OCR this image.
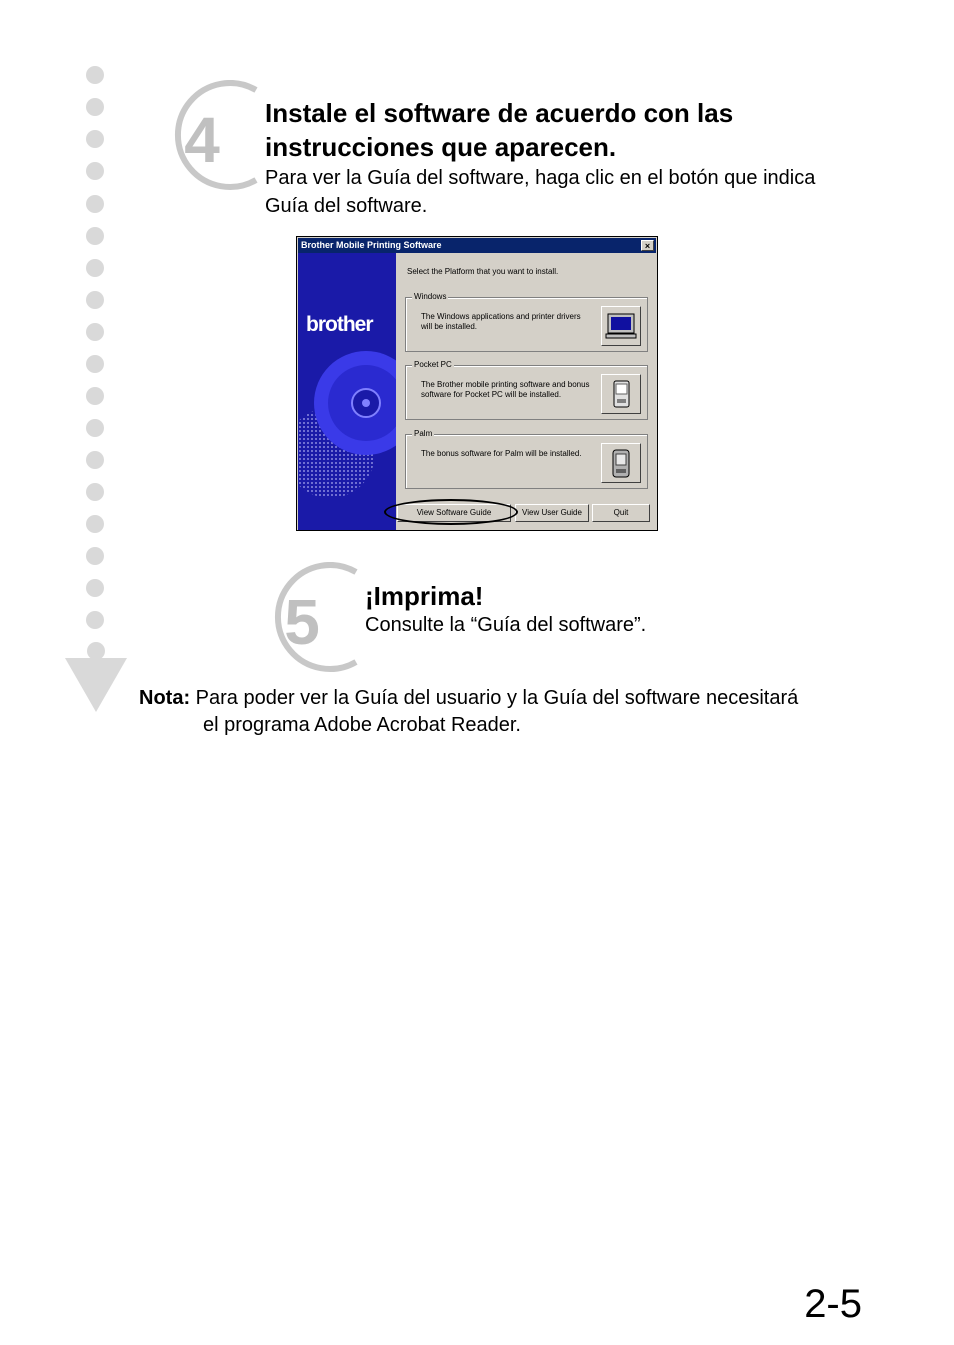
4 Instale el software de acuerdo con las
instrucciones que aparecen.

Para ver la Guía del software, haga clic en el botón que indica
Guía del software.

Brother Mobile Printing Software	×
brother
Select the Platform that you want to install.
Windows
The Windows applications and printer drivers will be installed.
Pocket PC
The Brother mobile printing software and bonus software for Pocket PC will be installed.
Palm
The bonus software for Palm will be installed.
View Software Guide	View User Guide	Quit
5 ¡Imprima!

Consulte la “Guía del software”.

Nota: Para poder ver la Guía del usuario y la Guía del software necesitará

el programa Adobe Acrobat Reader.

2-5
